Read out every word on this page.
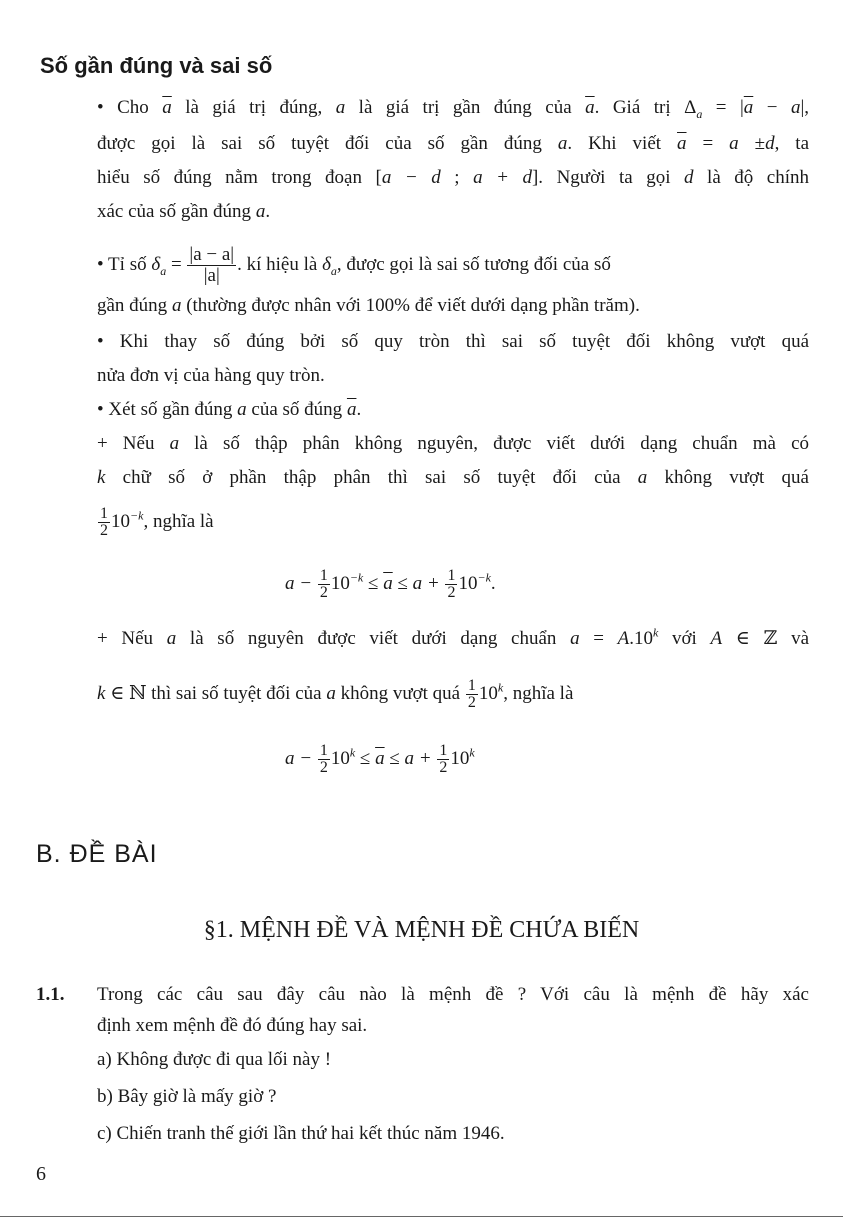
Số gần đúng và sai số
• Cho $\overline{a}$ là giá trị đúng, a là giá trị gần đúng của $\overline{a}$. Giá trị $\Delta_a = |\overline{a} - a|$,
được gọi là sai số tuyệt đối của số gần đúng a. Khi viết $\overline{a} = a \pm d$, ta
hiểu số đúng nằm trong đoạn [a − d ; a + d]. Người ta gọi d là độ chính
xác của số gần đúng a.
• Tỉ số $\delta_a = \frac{|a - a|}{|a|}$ . kí hiệu là $\delta_a$, được gọi là sai số tương đối của số
gần đúng a (thường được nhân với 100% để viết dưới dạng phần trăm).
• Khi thay số đúng bởi số quy tròn thì sai số tuyệt đối không vượt quá
nửa đơn vị của hàng quy tròn.
• Xét số gần đúng a của số đúng $\overline{a}$.
+ Nếu a là số thập phân không nguyên, được viết dưới dạng chuẩn mà có
k chữ số ở phần thập phân thì sai số tuyệt đối của a không vượt quá
$\frac{1}{2} 10^{-k}$, nghĩa là
$a - \frac{1}{2} 10^{-k} \le \overline{a} \le a + \frac{1}{2} 10^{-k}$.
+ Nếu a là số nguyên được viết dưới dạng chuẩn $a = A.10^k$ với A ∈ ℤ và
k ∈ ℕ thì sai số tuyệt đối của a không vượt quá $\frac{1}{2} 10^k$, nghĩa là
$a - \frac{1}{2} 10^k \le \overline{a} \le a + \frac{1}{2} 10^k$
B. ĐỀ BÀI
§1. MỆNH ĐỀ VÀ MỆNH ĐỀ CHỨA BIẾN
1.1. Trong các câu sau đây câu nào là mệnh đề ? Với câu là mệnh đề hãy xác
định xem mệnh đề đó đúng hay sai.
a) Không được đi qua lối này !
b) Bây giờ là mấy giờ ?
c) Chiến tranh thế giới lần thứ hai kết thúc năm 1946.
6
